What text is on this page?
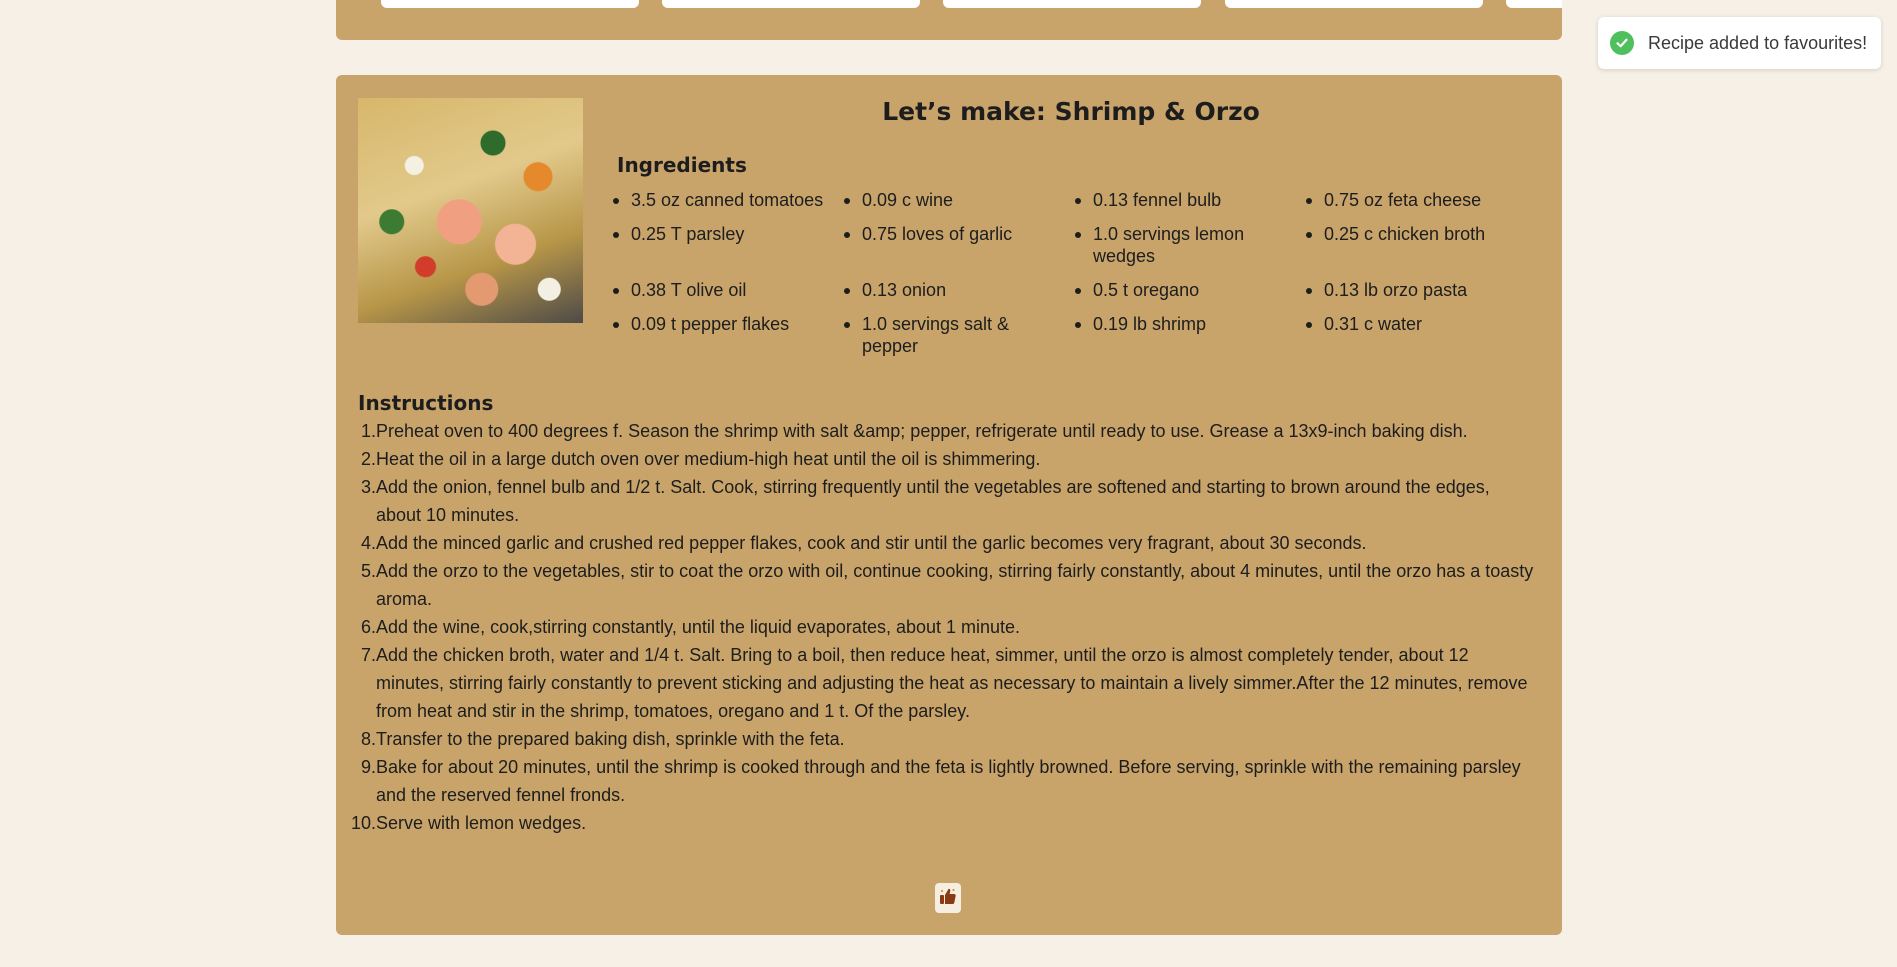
Recipe added to favourites!
Let’s make: Shrimp & Orzo
Ingredients
3.5 oz canned tomatoes	0.09 c wine	0.13 fennel bulb	0.75 oz feta cheese
0.25 T parsley	0.75 loves of garlic	1.0 servings lemon wedges
0.25 c chicken broth
0.38 T olive oil	0.13 onion	0.5 t oregano	0.13 lb orzo pasta
0.09 t pepper flakes	1.0 servings salt & pepper
0.19 lb shrimp	0.31 c water
Instructions
1. Preheat oven to 400 degrees f. Season the shrimp with salt &amp; pepper, refrigerate until ready to use. Grease a 13x9-inch baking dish.
2. Heat the oil in a large dutch oven over medium-high heat until the oil is shimmering.
3. Add the onion, fennel bulb and 1/2 t. Salt. Cook, stirring frequently until the vegetables are softened and starting to brown around the edges, about 10 minutes.
4. Add the minced garlic and crushed red pepper flakes, cook and stir until the garlic becomes very fragrant, about 30 seconds.
5. Add the orzo to the vegetables, stir to coat the orzo with oil, continue cooking, stirring fairly constantly, about 4 minutes, until the orzo has a toasty aroma.
6. Add the wine, cook,stirring constantly, until the liquid evaporates, about 1 minute.
7. Add the chicken broth, water and 1/4 t. Salt. Bring to a boil, then reduce heat, simmer, until the orzo is almost completely tender, about 12 minutes, stirring fairly constantly to prevent sticking and adjusting the heat as necessary to maintain a lively simmer.After the 12 minutes, remove from heat and stir in the shrimp, tomatoes, oregano and 1 t. Of the parsley.
8. Transfer to the prepared baking dish, sprinkle with the feta.
9. Bake for about 20 minutes, until the shrimp is cooked through and the feta is lightly browned. Before serving, sprinkle with the remaining parsley and the reserved fennel fronds.
10. Serve with lemon wedges.
